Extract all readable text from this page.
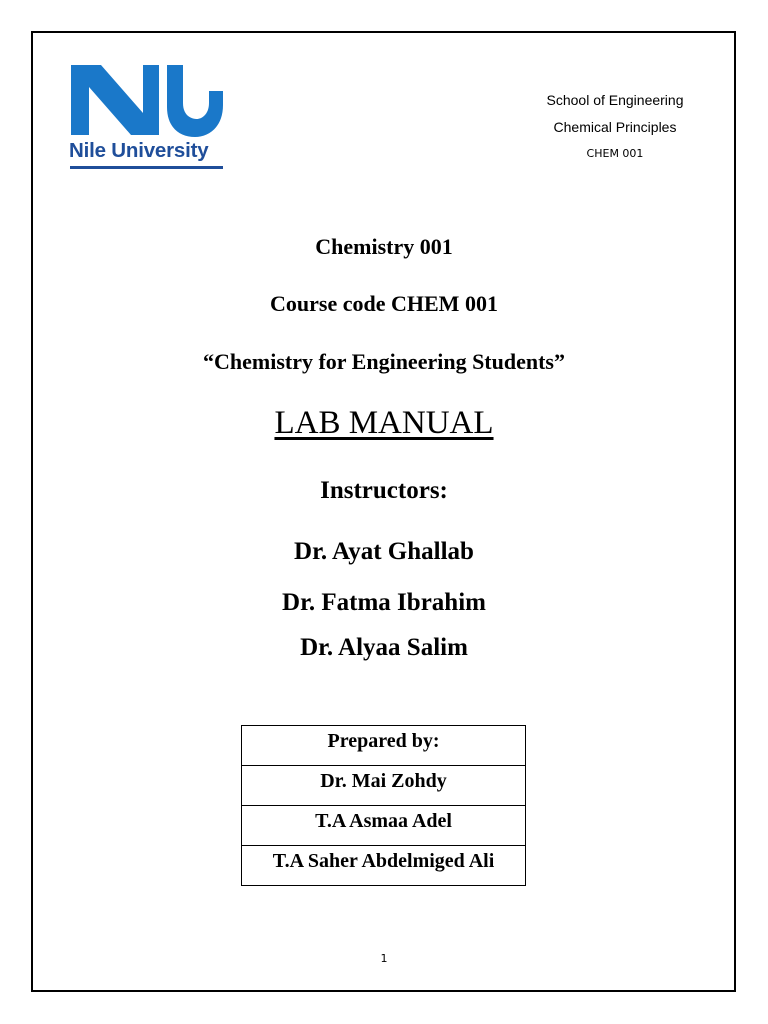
Nile University
School of Engineering
Chemical Principles
CHEM 001
Chemistry 001
Course code CHEM 001
“Chemistry for Engineering Students”
LAB MANUAL
Instructors:
Dr. Ayat Ghallab
Dr. Fatma Ibrahim
Dr. Alyaa Salim
Prepared by:
Dr. Mai Zohdy
T.A Asmaa Adel
T.A Saher Abdelmiged Ali
1
